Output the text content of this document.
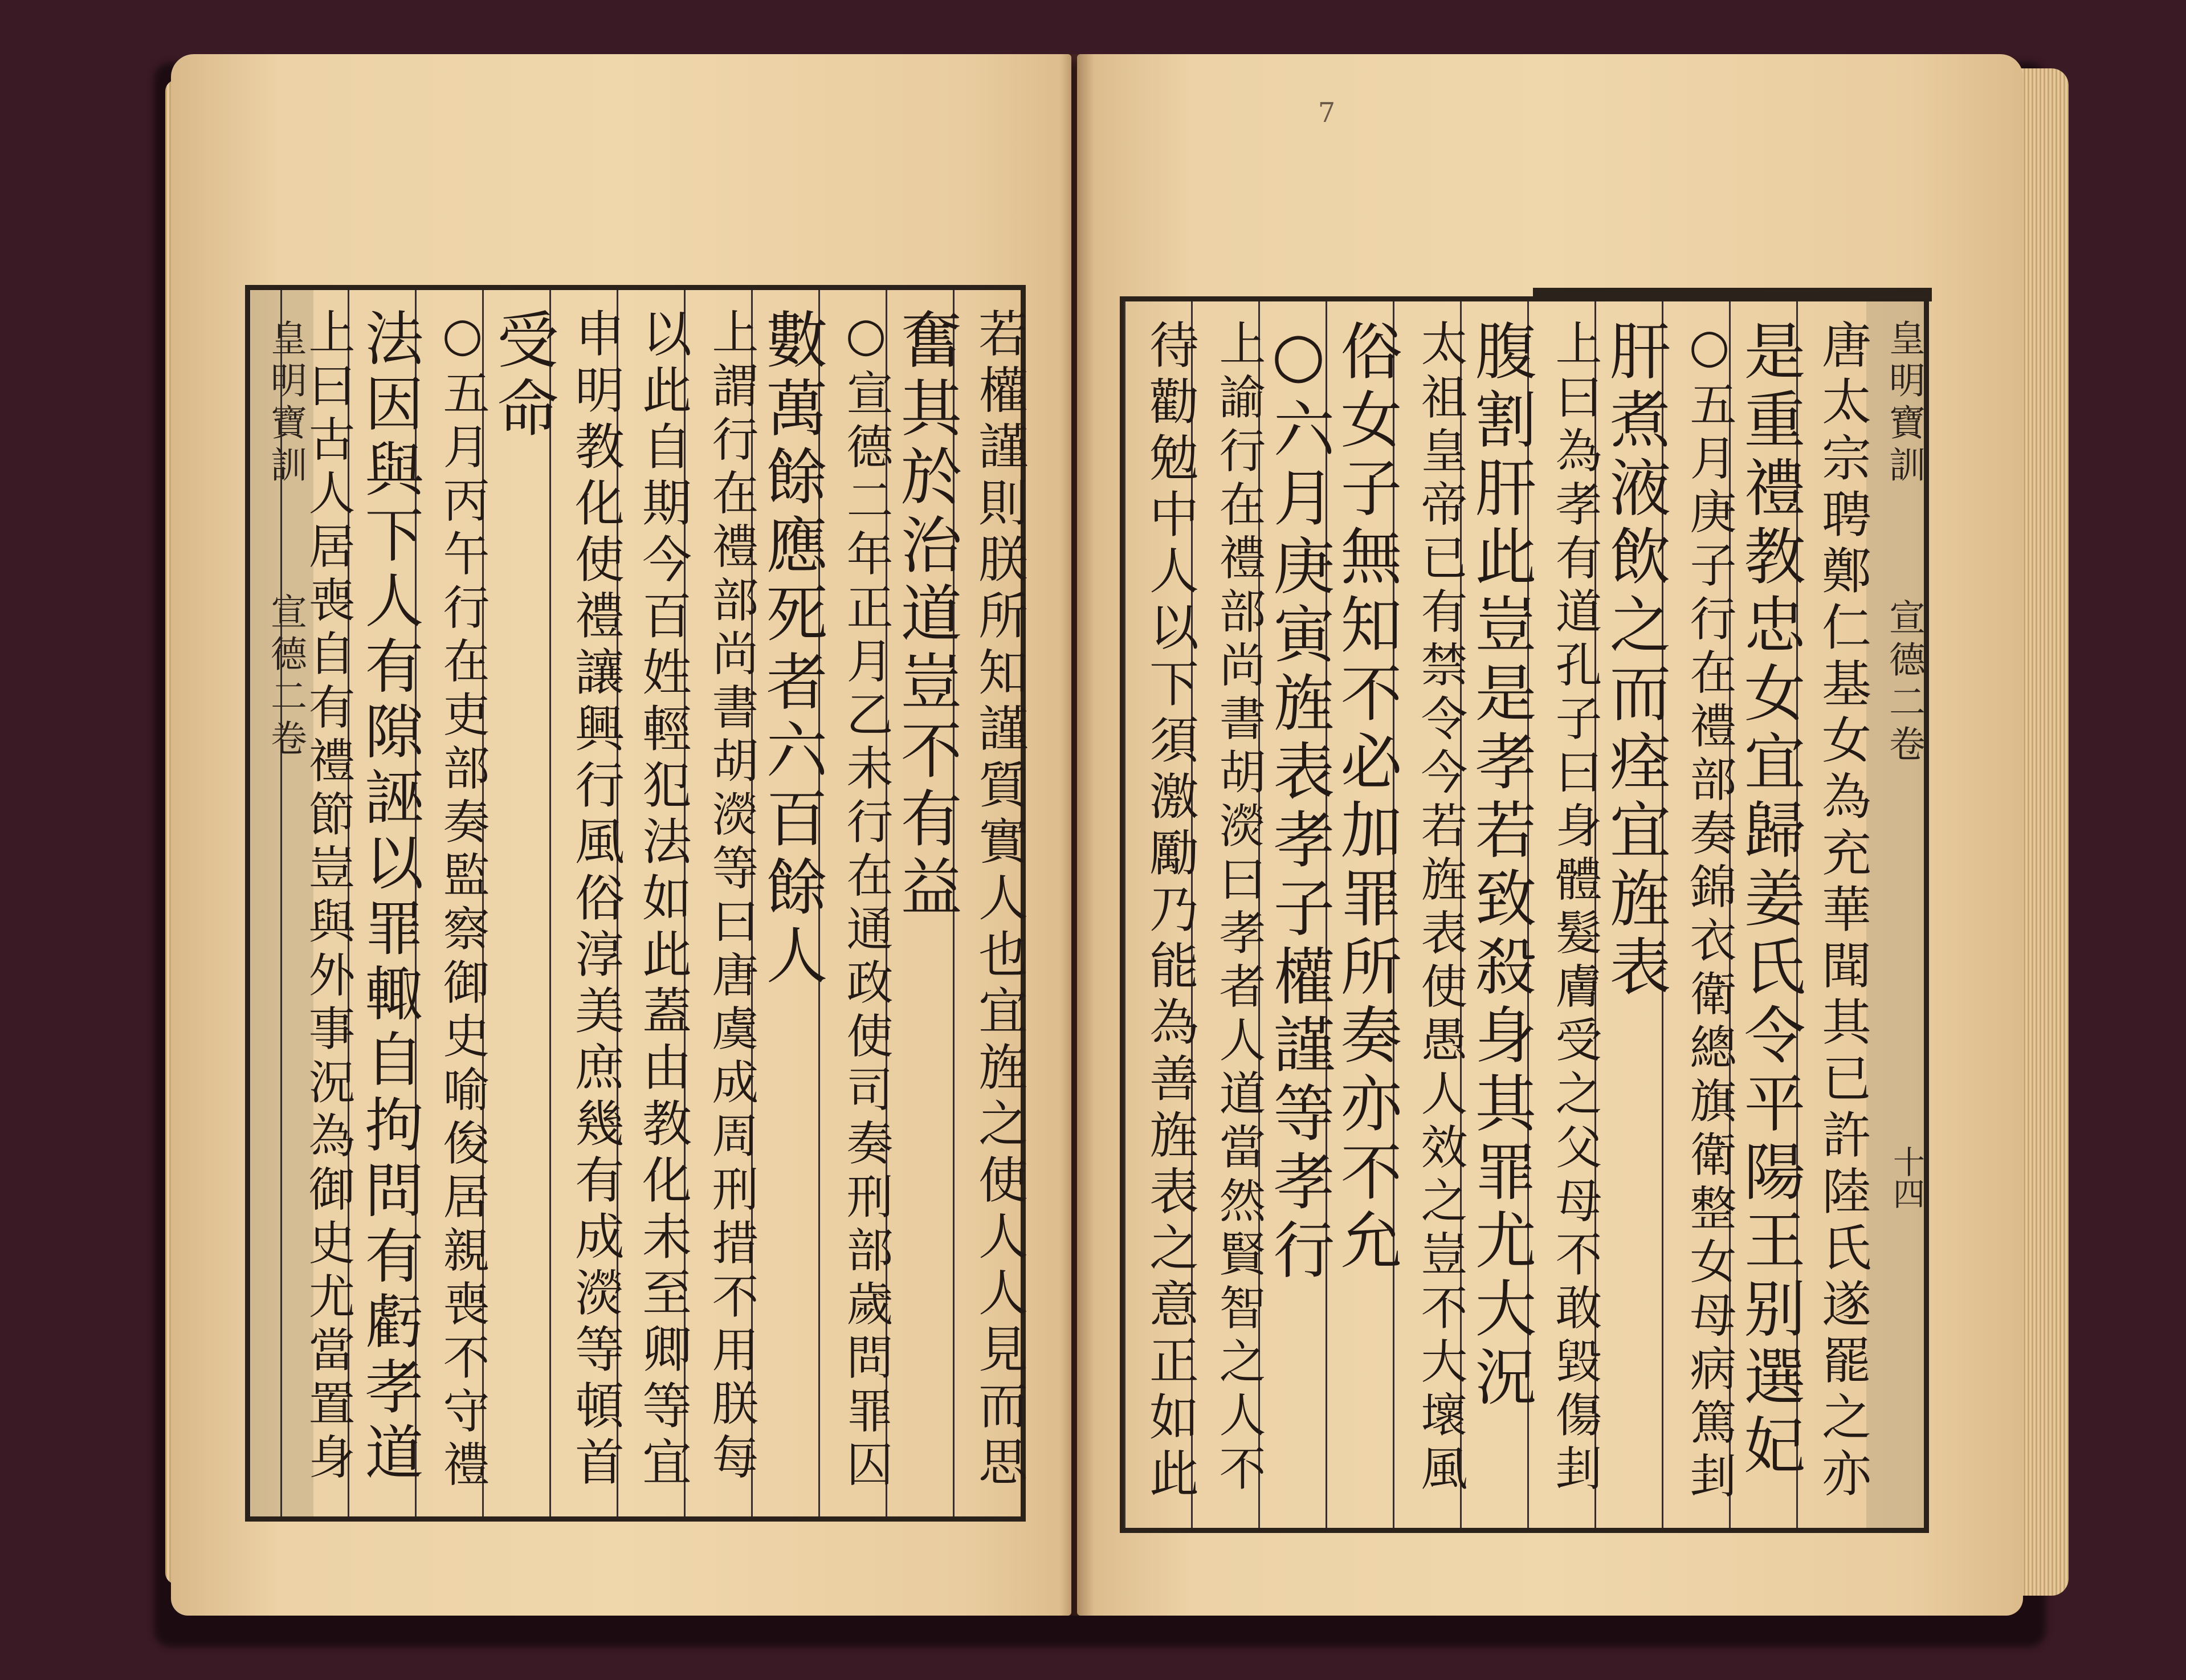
皇明寶訓
宣德二卷
皇明寶訓
宣德二卷
十四
7
唐太宗聘鄭仁基女為充華聞其已許陸氏遂罷之亦
是重禮教忠女宜歸姜氏令平陽王别選妃
○五月庚子行在禮部奏錦衣衛總旗衛整女母病篤刲
肝煮液飲之而痊宜旌表
上曰為孝有道孔子曰身體髮膚受之父母不敢毀傷刲
腹割肝此豈是孝若致殺身其罪尤大況
太祖皇帝已有禁令今若旌表使愚人效之豈不大壞風
俗女子無知不必加罪所奏亦不允
○六月庚寅旌表孝子權謹等孝行
上諭行在禮部尚書胡濙曰孝者人道當然賢智之人不
待勸勉中人以下須激勵乃能為善旌表之意正如此
若權謹則朕所知謹質實人也宜旌之使人人見而思
奮其於治道豈不有益
○宣德二年正月乙未行在通政使司奏刑部歲問罪囚
數萬餘應死者六百餘人
上謂行在禮部尚書胡濙等曰唐虞成周刑措不用朕每
以此自期今百姓輕犯法如此蓋由教化未至卿等宜
申明教化使禮讓興行風俗淳美庶幾有成濙等頓首
受命
○五月丙午行在吏部奏監察御史喻俊居親喪不守禮
法因與下人有隙誣以罪輙自拘問有虧孝道
上曰古人居喪自有禮節豈與外事況為御史尤當置身
